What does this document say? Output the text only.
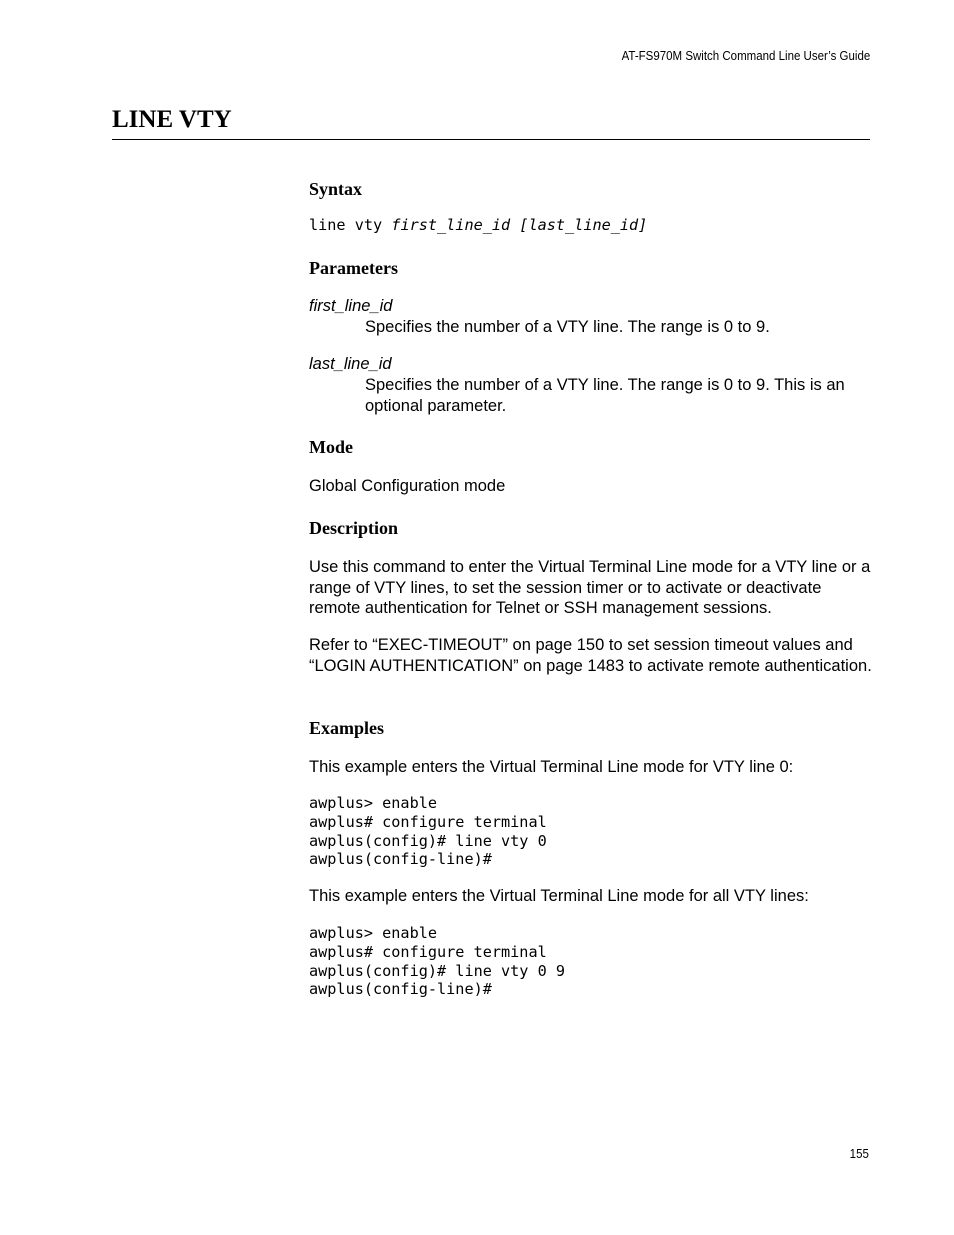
AT-FS970M Switch Command Line User’s Guide
LINE VTY
Syntax
line vty first_line_id [last_line_id]
Parameters
first_line_id
Specifies the number of a VTY line. The range is 0 to 9.
last_line_id
Specifies the number of a VTY line. The range is 0 to 9. This is an optional parameter.
Mode

Global Configuration mode

Description

Use this command to enter the Virtual Terminal Line mode for a VTY line or a range of VTY lines, to set the session timer or to activate or deactivate remote authentication for Telnet or SSH management sessions.

Refer to “EXEC-TIMEOUT” on page 150 to set session timeout values and “LOGIN AUTHENTICATION” on page 1483 to activate remote authentication.

Examples

This example enters the Virtual Terminal Line mode for VTY line 0:

awplus> enable
awplus# configure terminal
awplus(config)# line vty 0
awplus(config-line)#

This example enters the Virtual Terminal Line mode for all VTY lines:

awplus> enable
awplus# configure terminal
awplus(config)# line vty 0 9
awplus(config-line)#
155
